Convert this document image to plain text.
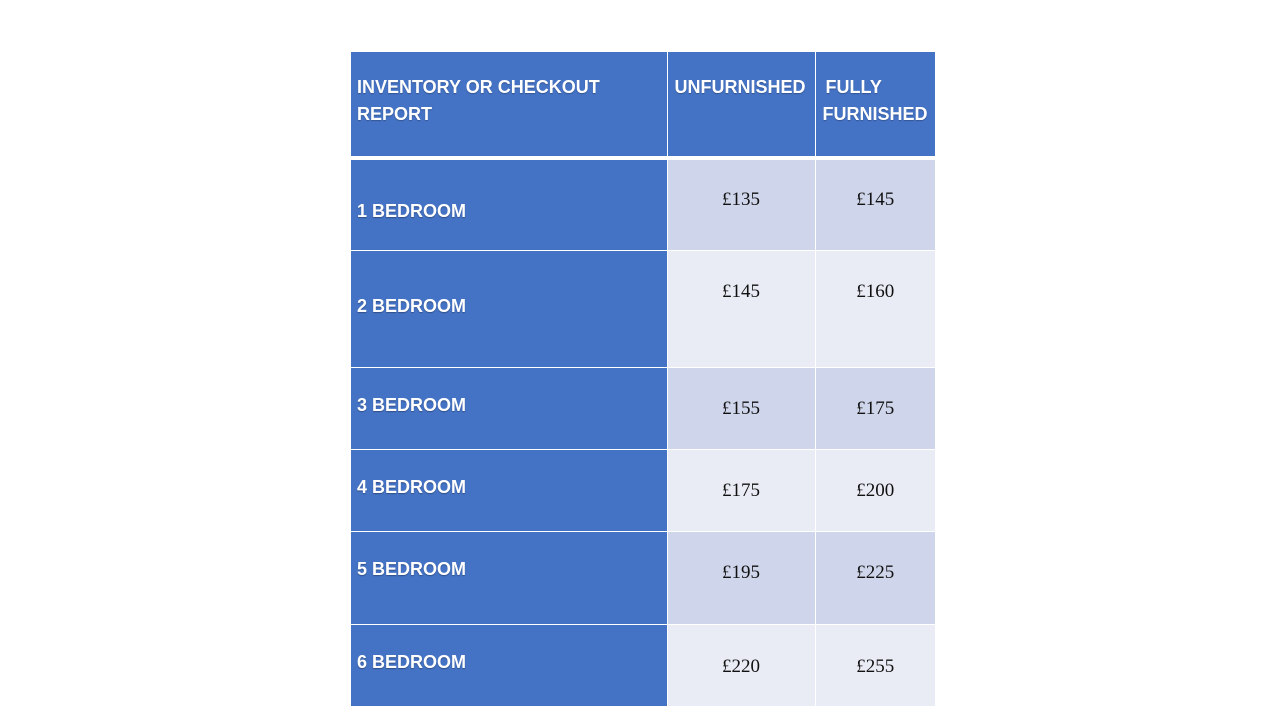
INVENTORY OR CHECKOUT REPORT	UNFURNISHED	FULLY
FURNISHED

1 BEDROOM	£135	£145

2 BEDROOM	£145	£160

3 BEDROOM	£155	£175

4 BEDROOM	£175	£200

5 BEDROOM	£195	£225

6 BEDROOM	£220	£255
